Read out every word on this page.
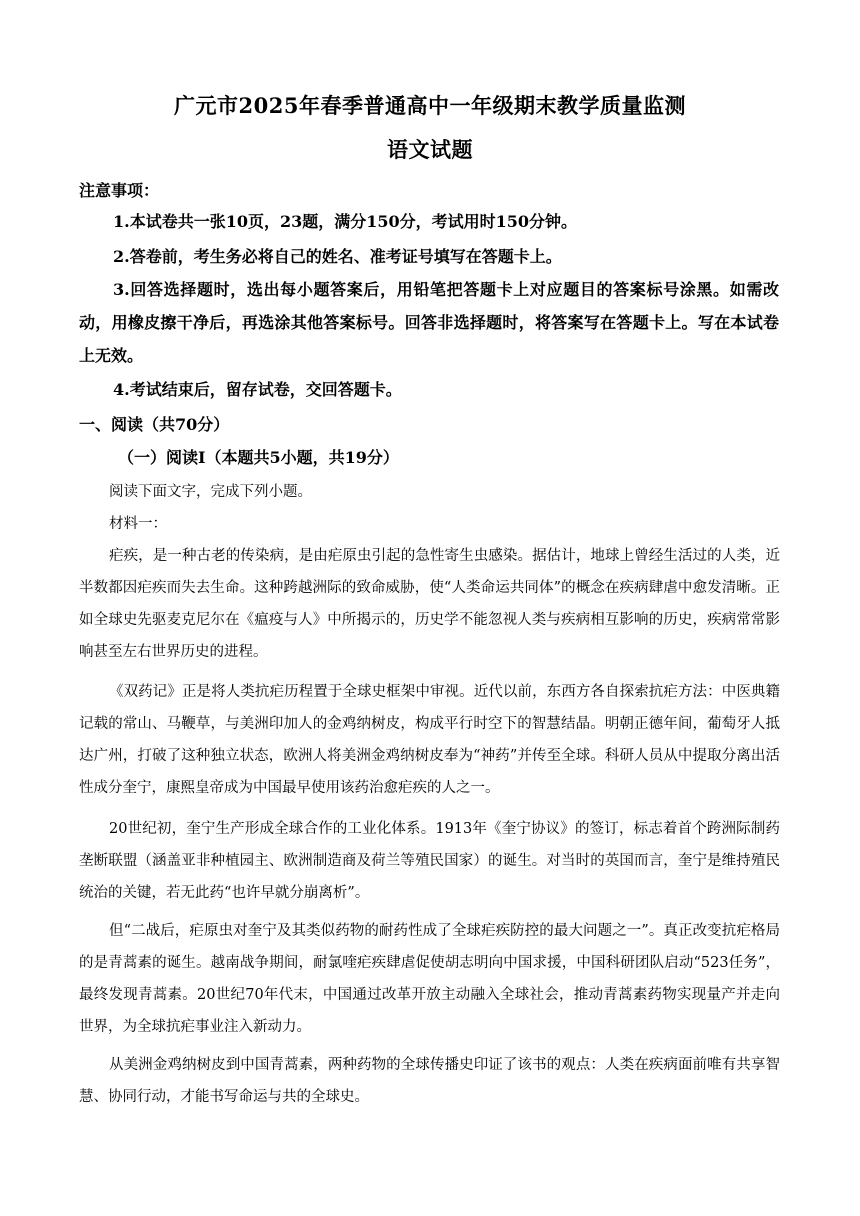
广元市2025年春季普通高中一年级期末教学质量监测
语文试题
注意事项：
1.本试卷共一张10页，23题，满分150分，考试用时150分钟。
2.答卷前，考生务必将自己的姓名、准考证号填写在答题卡上。
3.回答选择题时，选出每小题答案后，用铅笔把答题卡上对应题目的答案标号涂黑。如需改动，用橡皮擦干净后，再选涂其他答案标号。回答非选择题时，将答案写在答题卡上。写在本试卷上无效。
4.考试结束后，留存试卷，交回答题卡。
一、阅读（共70分）
（一）阅读I（本题共5小题，共19分）
阅读下面文字，完成下列小题。
材料一：
疟疾，是一种古老的传染病，是由疟原虫引起的急性寄生虫感染。据估计，地球上曾经生活过的人类，近半数都因疟疾而失去生命。这种跨越洲际的致命威胁，使“人类命运共同体”的概念在疾病肆虐中愈发清晰。正如全球史先驱麦克尼尔在《瘟疫与人》中所揭示的，历史学不能忽视人类与疾病相互影响的历史，疾病常常影响甚至左右世界历史的进程。
《双药记》正是将人类抗疟历程置于全球史框架中审视。近代以前，东西方各自探索抗疟方法：中医典籍记载的常山、马鞭草，与美洲印加人的金鸡纳树皮，构成平行时空下的智慧结晶。明朝正德年间，葡萄牙人抵达广州，打破了这种独立状态，欧洲人将美洲金鸡纳树皮奉为“神药”并传至全球。科研人员从中提取分离出活性成分奎宁，康熙皇帝成为中国最早使用该药治愈疟疾的人之一。
20世纪初，奎宁生产形成全球合作的工业化体系。1913年《奎宁协议》的签订，标志着首个跨洲际制药垄断联盟（涵盖亚非种植园主、欧洲制造商及荷兰等殖民国家）的诞生。对当时的英国而言，奎宁是维持殖民统治的关键，若无此药“也许早就分崩离析”。
但“二战后，疟原虫对奎宁及其类似药物的耐药性成了全球疟疾防控的最大问题之一”。真正改变抗疟格局的是青蒿素的诞生。越南战争期间，耐氯喹疟疾肆虐促使胡志明向中国求援，中国科研团队启动“523任务”，最终发现青蒿素。20世纪70年代末，中国通过改革开放主动融入全球社会，推动青蒿素药物实现量产并走向世界，为全球抗疟事业注入新动力。
从美洲金鸡纳树皮到中国青蒿素，两种药物的全球传播史印证了该书的观点：人类在疾病面前唯有共享智慧、协同行动，才能书写命运与共的全球史。
